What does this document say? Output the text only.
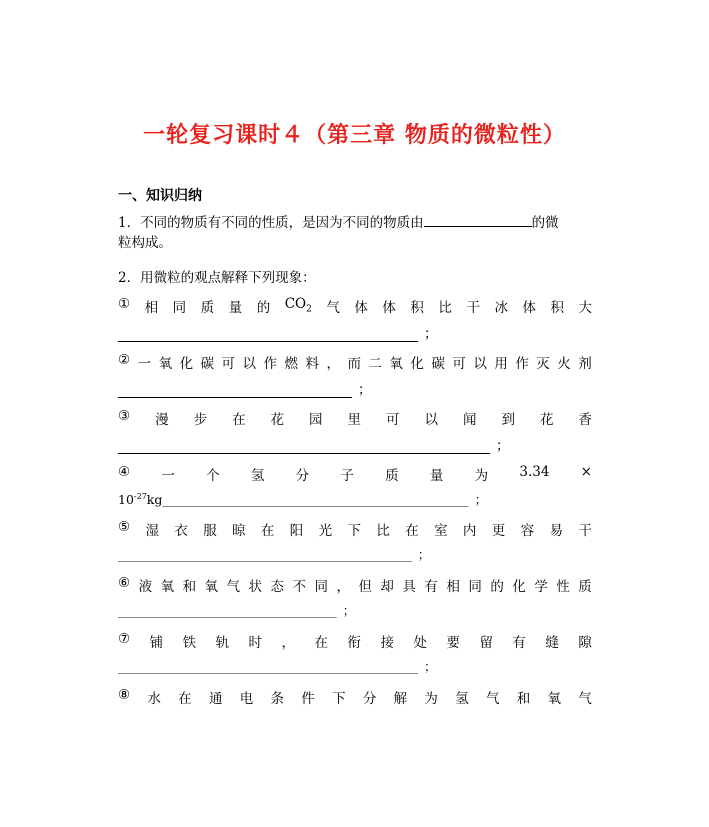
一轮复习课时４（第三章 物质的微粒性）
一、知识归纳
1．不同的物质有不同的性质，是因为不同的物质由	的微
粒构成。
2．用微粒的观点解释下列现象：
① 相 同 质 量 的 $CO_2$ 气 体 体 积 比 干 冰 体 积 大
；
② 一 氧 化 碳 可 以 作 燃 料 ， 而 二 氧 化 碳 可 以 用 作 灭 火 剂
；
③ 漫 步 在 花 园 里 可 以 闻 到 花 香
；
④ 一 个 氢 分 子 质 量 为 3.34 ×
$10^{-27}kg\_\_\_\_\_\_\_\_\_\_\_\_\_\_\_\_\_\_\_\_\_\_\_\_\_\_\_\_\_\_\_\_\_\_\_\_\_\_\_\_\_\_\_\_\_\_\_\_\_$ ；
⑤ 湿 衣 服 晾 在 阳 光 下 比 在 室 内 更 容 易 干
_______________________________________________ ；
⑥ 液 氧 和 氧 气 状 态 不 同 ， 但 却 具 有 相 同 的 化 学 性 质
___________________________________ ；
⑦ 铺 铁 轨 时 ， 在 衔 接 处 要 留 有 缝 隙
________________________________________________ ；
⑧ 水 在 通 电 条 件 下 分 解 为 氢 气 和 氧 气
